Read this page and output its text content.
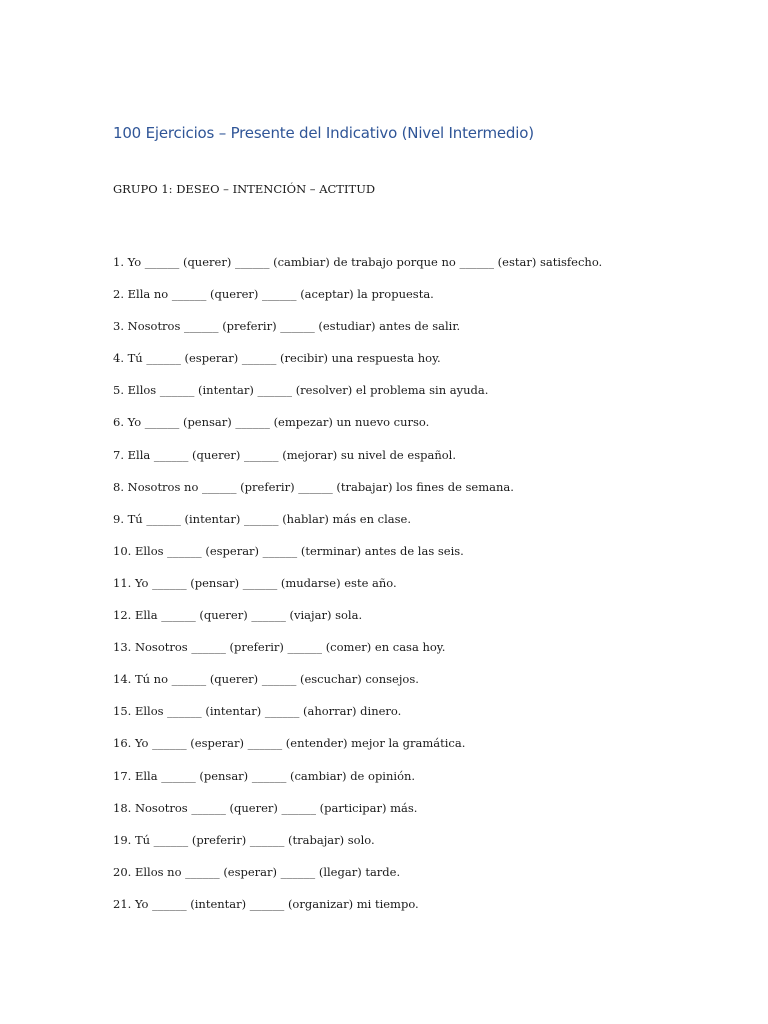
100 Ejercicios – Presente del Indicativo (Nivel Intermedio)
GRUPO 1: DESEO – INTENCIÓN – ACTITUD
1. Yo ______ (querer) ______ (cambiar) de trabajo porque no ______ (estar) satisfecho.
2. Ella no ______ (querer) ______ (aceptar) la propuesta.
3. Nosotros ______ (preferir) ______ (estudiar) antes de salir.
4. Tú ______ (esperar) ______ (recibir) una respuesta hoy.
5. Ellos ______ (intentar) ______ (resolver) el problema sin ayuda.
6. Yo ______ (pensar) ______ (empezar) un nuevo curso.
7. Ella ______ (querer) ______ (mejorar) su nivel de español.
8. Nosotros no ______ (preferir) ______ (trabajar) los fines de semana.
9. Tú ______ (intentar) ______ (hablar) más en clase.
10. Ellos ______ (esperar) ______ (terminar) antes de las seis.
11. Yo ______ (pensar) ______ (mudarse) este año.
12. Ella ______ (querer) ______ (viajar) sola.
13. Nosotros ______ (preferir) ______ (comer) en casa hoy.
14. Tú no ______ (querer) ______ (escuchar) consejos.
15. Ellos ______ (intentar) ______ (ahorrar) dinero.
16. Yo ______ (esperar) ______ (entender) mejor la gramática.
17. Ella ______ (pensar) ______ (cambiar) de opinión.
18. Nosotros ______ (querer) ______ (participar) más.
19. Tú ______ (preferir) ______ (trabajar) solo.
20. Ellos no ______ (esperar) ______ (llegar) tarde.
21. Yo ______ (intentar) ______ (organizar) mi tiempo.
